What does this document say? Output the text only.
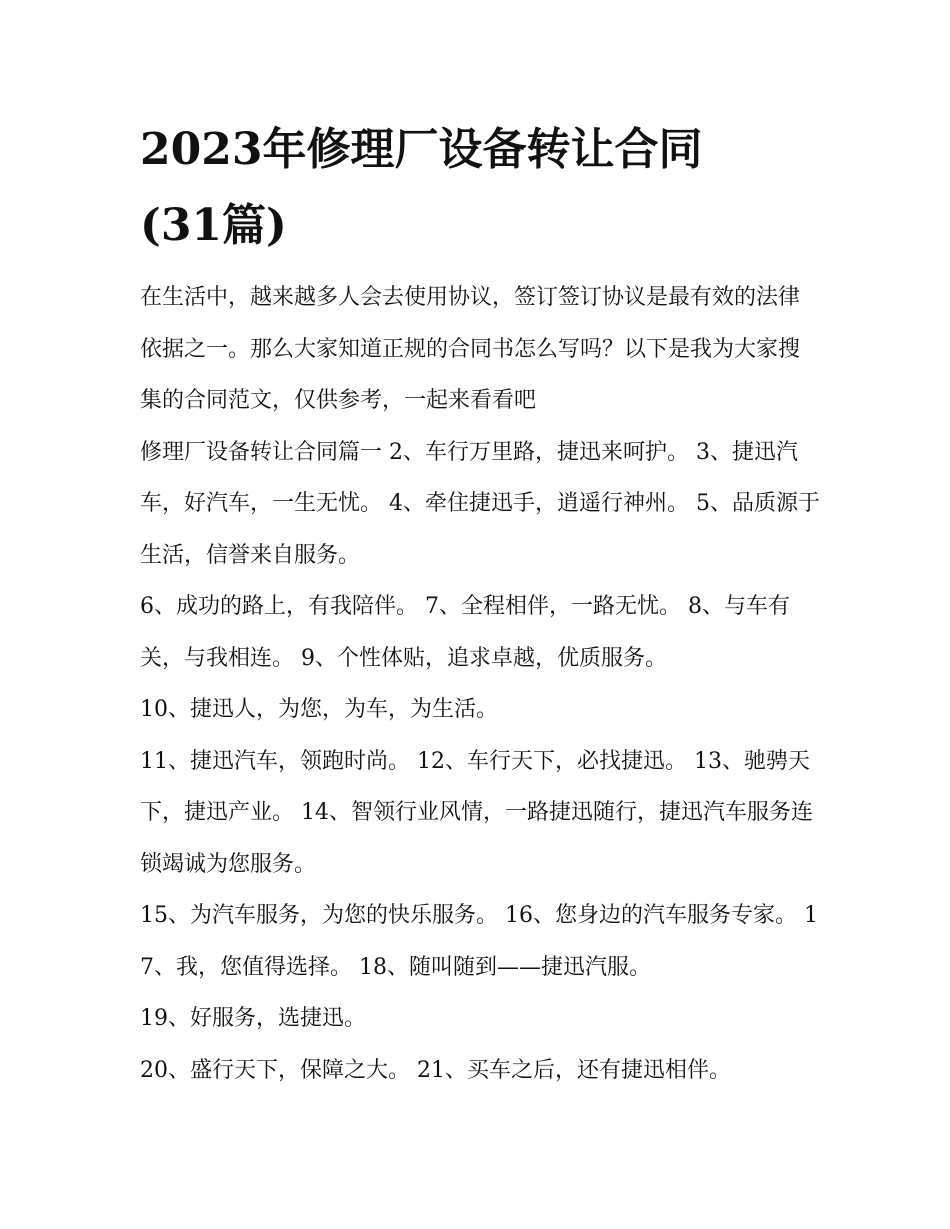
2023年修理厂设备转让合同
(31篇)

在生活中，越来越多人会去使用协议，签订签订协议是最有效的法律依据之一。那么大家知道正规的合同书怎么写吗？以下是我为大家搜集的合同范文，仅供参考，一起来看看吧

修理厂设备转让合同篇一 2、车行万里路，捷迅来呵护。 3、捷迅汽车，好汽车，一生无忧。 4、牵住捷迅手，逍遥行神州。 5、品质源于生活，信誉来自服务。

6、成功的路上，有我陪伴。 7、全程相伴，一路无忧。 8、与车有关，与我相连。 9、个性体贴，追求卓越，优质服务。

10、捷迅人，为您，为车，为生活。

11、捷迅汽车，领跑时尚。 12、车行天下，必找捷迅。 13、驰骋天下，捷迅产业。 14、智领行业风情，一路捷迅随行，捷迅汽车服务连锁竭诚为您服务。

15、为汽车服务，为您的快乐服务。 16、您身边的汽车服务专家。 17、我，您值得选择。 18、随叫随到——捷迅汽服。

19、好服务，选捷迅。

20、盛行天下，保障之大。 21、买车之后，还有捷迅相伴。
